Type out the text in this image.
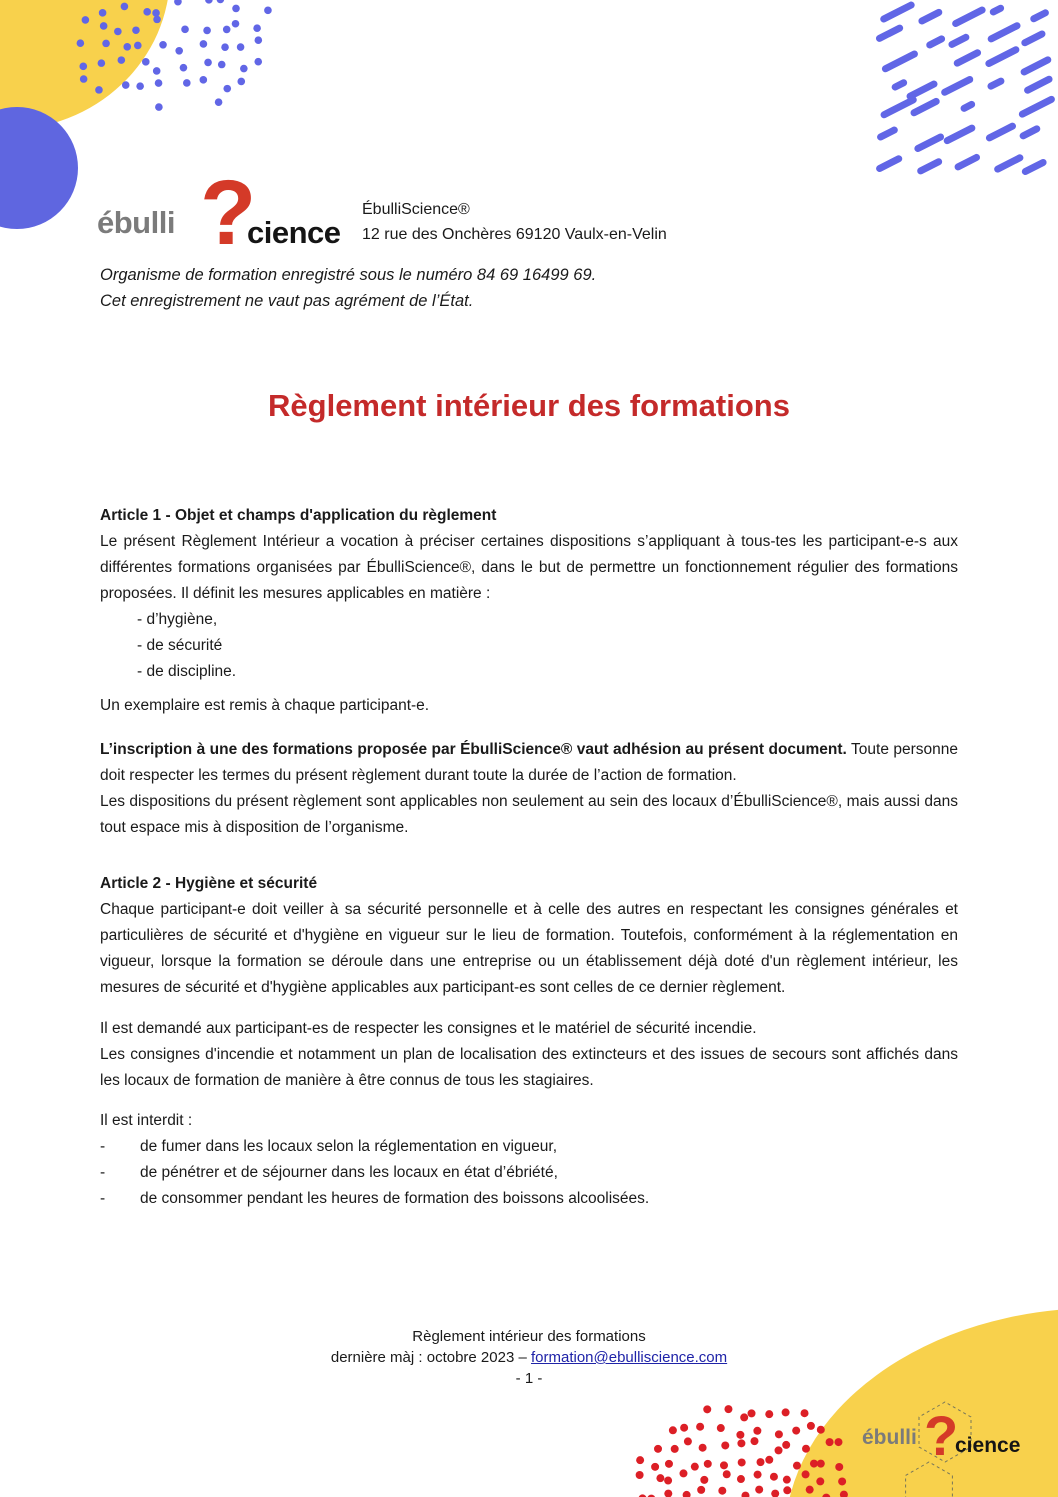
ébulli ?
cience
ÉbulliScience®
12 rue des Onchères 69120 Vaulx-en-Velin
Organisme de formation enregistré sous le numéro 84 69 16499 69.
Cet enregistrement ne vaut pas agrément de l’État.
Règlement intérieur des formations

Article 1 - Objet et champs d'application du règlement

Le présent Règlement Intérieur a vocation à préciser certaines dispositions s’appliquant à tous-tes les participant-e-s aux différentes formations organisées par ÉbulliScience®, dans le but de permettre un fonctionnement régulier des formations proposées. Il définit les mesures applicables en matière :

- d’hygiène,
- de sécurité
- de discipline.

Un exemplaire est remis à chaque participant-e.

L’inscription à une des formations proposée par ÉbulliScience® vaut adhésion au présent document. Toute personne doit respecter les termes du présent règlement durant toute la durée de l’action de formation.

Les dispositions du présent règlement sont applicables non seulement au sein des locaux d’ÉbulliScience®, mais aussi dans tout espace mis à disposition de l’organisme.

Article 2 - Hygiène et sécurité

Chaque participant-e doit veiller à sa sécurité personnelle et à celle des autres en respectant les consignes générales et particulières de sécurité et d'hygiène en vigueur sur le lieu de formation. Toutefois, conformément à la réglementation en vigueur, lorsque la formation se déroule dans une entreprise ou un établissement déjà doté d'un règlement intérieur, les mesures de sécurité et d'hygiène applicables aux participant-es sont celles de ce dernier règlement.

Il est demandé aux participant-es de respecter les consignes et le matériel de sécurité incendie.

Les consignes d'incendie et notamment un plan de localisation des extincteurs et des issues de secours sont affichés dans les locaux de formation de manière à être connus de tous les stagiaires.

Il est interdit :

-	de fumer dans les locaux selon la réglementation en vigueur,
-	de pénétrer et de séjourner dans les locaux en état d’ébriété,
-	de consommer pendant les heures de formation des boissons alcoolisées.
Règlement intérieur des formations
dernière màj : octobre 2023 – formation@ebulliscience.com
- 1 -
ébulli ?
cience
